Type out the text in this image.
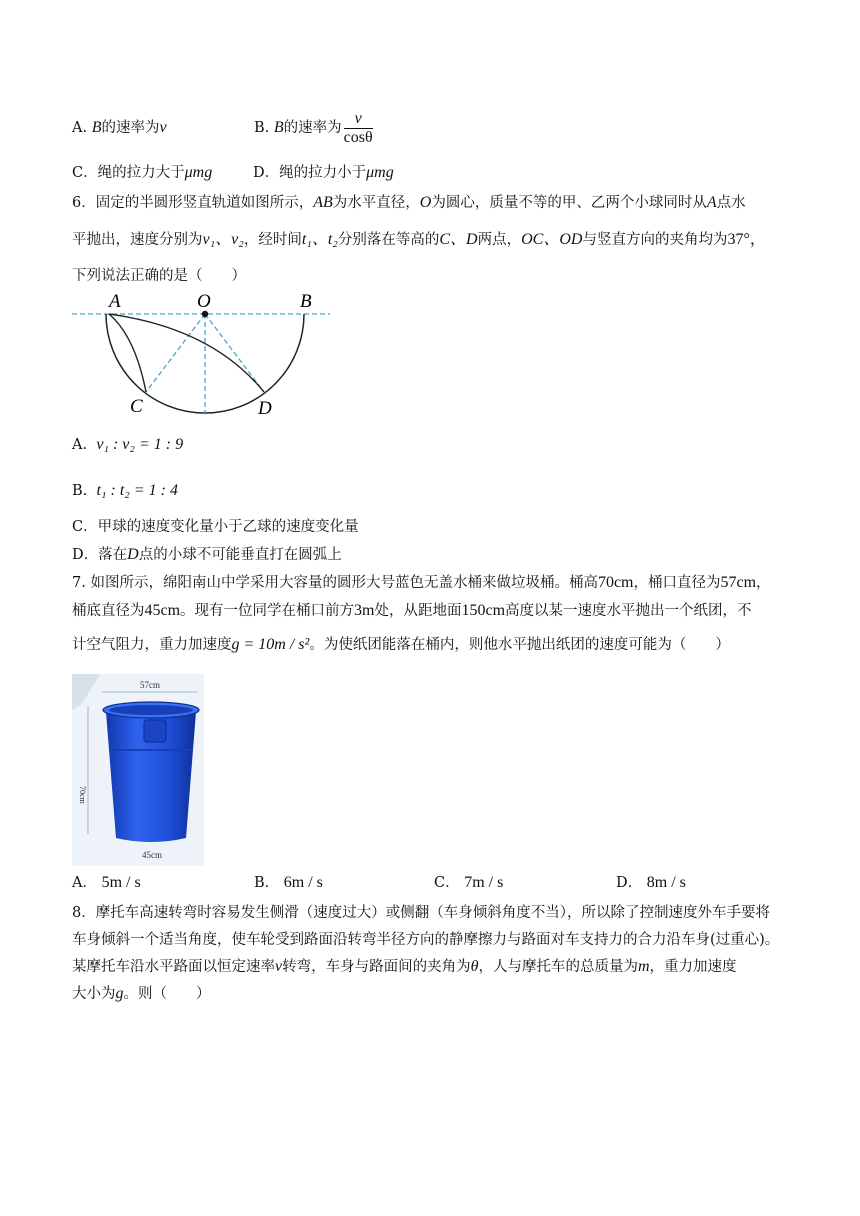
A. B的速率为v	B. B的速率为 $\frac{v}{\cos\theta}$
C．绳的拉力大于μmg	D．绳的拉力小于μmg
6．固定的半圆形竖直轨道如图所示，AB为水平直径，O为圆心，质量不等的甲、乙两个小球同时从A点水
平抛出，速度分别为v₁、v₂，经时间t₁、t₂分别落在等高的C、D两点，OC、OD与竖直方向的夹角均为37°，
下列说法正确的是（　　）
A	O	B
C	D
A. v₁ : v₂ = 1 : 9
B. t₁ : t₂ = 1 : 4
C．甲球的速度变化量小于乙球的速度变化量
D．落在D点的小球不可能垂直打在圆弧上
7. 如图所示，绵阳南山中学采用大容量的圆形大号蓝色无盖水桶来做垃圾桶。桶高70cm，桶口直径为57cm，
桶底直径为45cm。现有一位同学在桶口前方3m处，从距地面150cm高度以某一速度水平抛出一个纸团，不
计空气阻力，重力加速度g = 10m / s²。为使纸团能落在桶内，则他水平抛出纸团的速度可能为（　　）
57cm
70cm
45cm
A． 5m / s	B． 6m / s	C． 7m / s	D． 8m / s
8．摩托车高速转弯时容易发生侧滑（速度过大）或侧翻（车身倾斜角度不当），所以除了控制速度外车手要将
车身倾斜一个适当角度，使车轮受到路面沿转弯半径方向的静摩擦力与路面对车支持力的合力沿车身(过重心)。
某摩托车沿水平路面以恒定速率v转弯，车身与路面间的夹角为θ，人与摩托车的总质量为m，重力加速度
大小为g。则（　　）
